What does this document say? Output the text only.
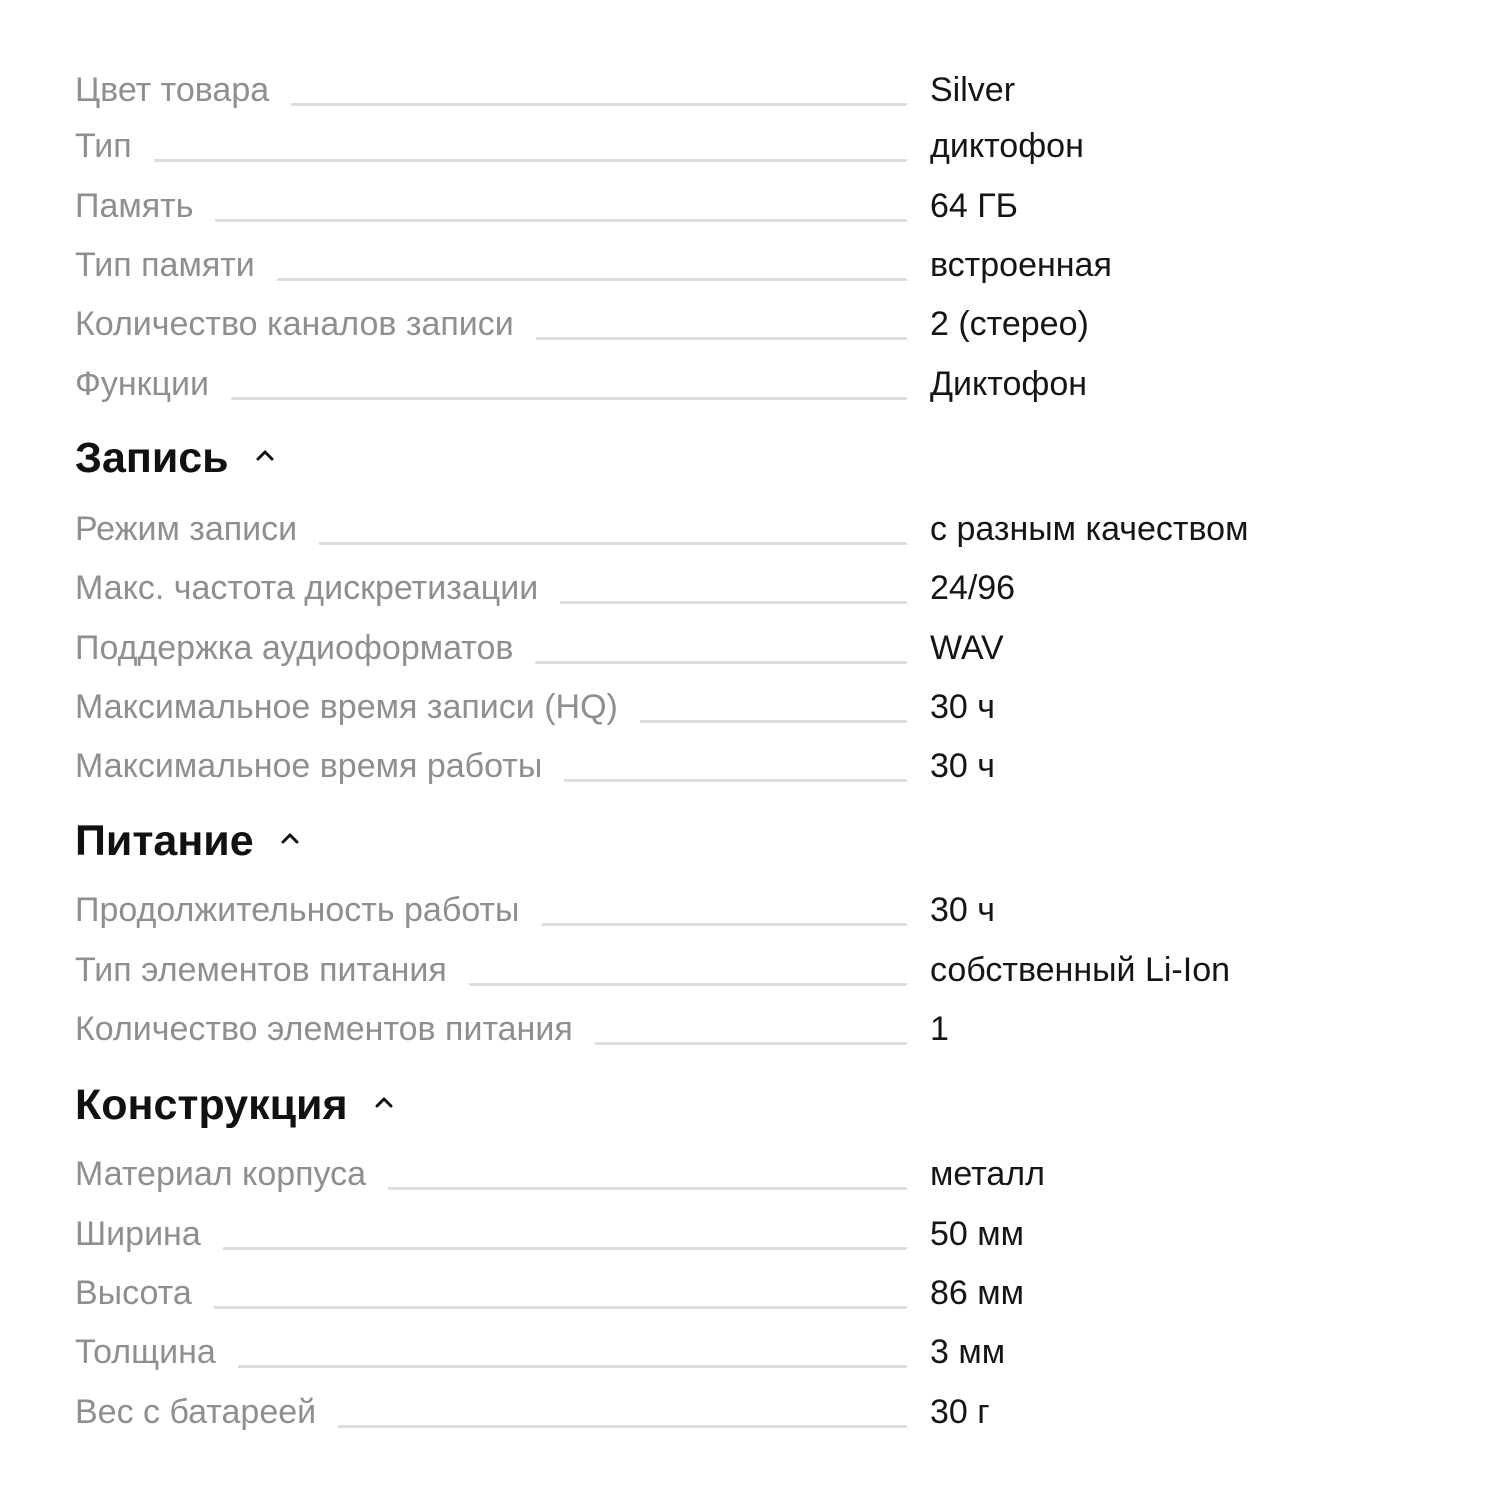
Цвет товара	Silver
Тип	диктофон
Память	64 ГБ
Тип памяти	встроенная
Количество каналов записи	2 (стерео)
Функции	Диктофон
Запись
Режим записи	с разным качеством
Макс. частота дискретизации	24/96
Поддержка аудиоформатов	WAV
Максимальное время записи (HQ)	30 ч
Максимальное время работы	30 ч
Питание
Продолжительность работы	30 ч
Тип элементов питания	собственный Li-Ion
Количество элементов питания	1
Конструкция
Материал корпуса	металл
Ширина	50 мм
Высота	86 мм
Толщина	3 мм
Вес с батареей	30 г
